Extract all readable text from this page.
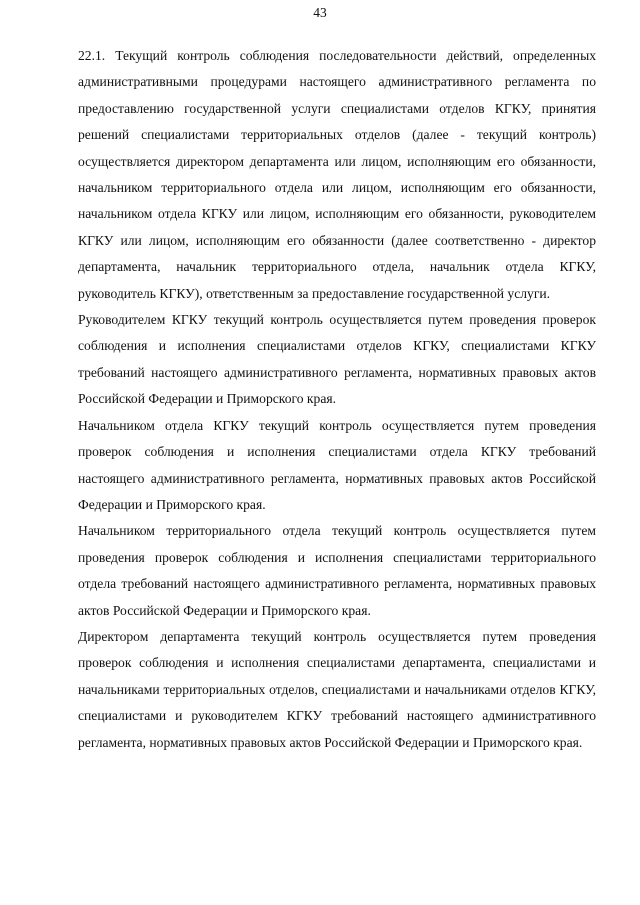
43

22.1. Текущий контроль соблюдения последовательности действий, определенных административными процедурами настоящего административного регламента по предоставлению государственной услуги специалистами отделов КГКУ, принятия решений специалистами территориальных отделов (далее - текущий контроль) осуществляется директором департамента или лицом, исполняющим его обязанности, начальником территориального отдела или лицом, исполняющим его обязанности, начальником отдела КГКУ или лицом, исполняющим его обязанности, руководителем КГКУ или лицом, исполняющим его обязанности (далее соответственно - директор департамента, начальник территориального отдела, начальник отдела КГКУ, руководитель КГКУ), ответственным за предоставление государственной услуги.

Руководителем КГКУ текущий контроль осуществляется путем проведения проверок соблюдения и исполнения специалистами отделов КГКУ, специалистами КГКУ требований настоящего административного регламента, нормативных правовых актов Российской Федерации и Приморского края.

Начальником отдела КГКУ текущий контроль осуществляется путем проведения проверок соблюдения и исполнения специалистами отдела КГКУ требований настоящего административного регламента, нормативных правовых актов Российской Федерации и Приморского края.

Начальником территориального отдела текущий контроль осуществляется путем проведения проверок соблюдения и исполнения специалистами территориального отдела требований настоящего административного регламента, нормативных правовых актов Российской Федерации и Приморского края.

Директором департамента текущий контроль осуществляется путем проведения проверок соблюдения и исполнения специалистами департамента, специалистами и начальниками территориальных отделов, специалистами и начальниками отделов КГКУ, специалистами и руководителем КГКУ требований настоящего административного регламента, нормативных правовых актов Российской Федерации и Приморского края.
